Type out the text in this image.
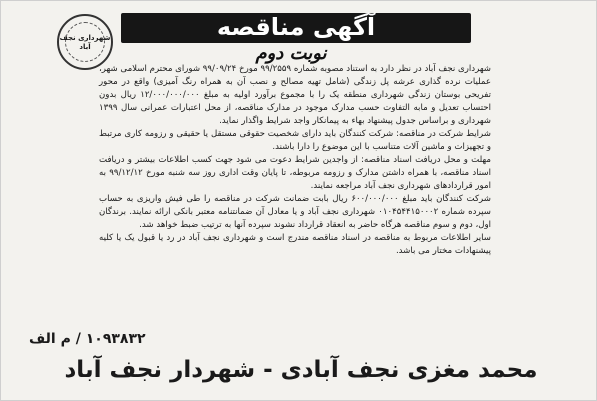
آگهی مناقصه
نوبت دوم
شهرداری نجف آباد

شهرداری نجف آباد در نظر دارد به استناد مصوبه شماره ۹۹/۲۵۵۹ مورخ ۹۹/۰۹/۲۴ شورای محترم اسلامی شهر، عملیات نرده گذاری عرشه پل زندگی (شامل تهیه مصالح و نصب آن به همراه رنگ آمیزی) واقع در محور تفریحی بوستان زندگی شهرداری منطقه یک را با مجموع برآورد اولیه به مبلغ ۱۲/۰۰۰/۰۰۰/۰۰۰ ریال بدون احتساب تعدیل و مابه التفاوت حسب مدارک موجود در مدارک مناقصه، از محل اعتبارات عمرانی سال ۱۳۹۹ شهرداری و براساس جدول پیشنهاد بهاء به پیمانکار واجد شرایط واگذار نماید.

شرایط شرکت در مناقصه: شرکت کنندگان باید دارای شخصیت حقوقی مستقل یا حقیقی و رزومه کاری مرتبط و تجهیزات و ماشین آلات متناسب با این موضوع را دارا باشند.

مهلت و محل دریافت اسناد مناقصه: از واجدین شرایط دعوت می شود جهت کسب اطلاعات بیشتر و دریافت اسناد مناقصه، با همراه داشتن مدارک و رزومه مربوطه، تا پایان وقت اداری روز سه شنبه مورخ ۹۹/۱۲/۱۲ به امور قراردادهای شهرداری نجف آباد مراجعه نمایند.

شرکت کنندگان باید مبلغ ۶۰۰/۰۰۰/۰۰۰ ریال بابت ضمانت شرکت در مناقصه را طی فیش واریزی به حساب سپرده شماره ۰۱۰۴۵۴۴۱۵۰۰۰۲ شهرداری نجف آباد و یا معادل آن ضمانتنامه معتبر بانکی ارائه نمایند. برندگان اول، دوم و سوم مناقصه هرگاه حاضر به انعقاد قرارداد نشوند سپرده آنها به ترتیب ضبط خواهد شد.

سایر اطلاعات مربوط به مناقصه در اسناد مناقصه مندرج است و شهرداری نجف آباد در رد یا قبول یک یا کلیه پیشنهادات مختار می باشد.

۱۰۹۳۸۳۲ / م الف
محمد مغزی نجف آبادی - شهردار نجف آباد
